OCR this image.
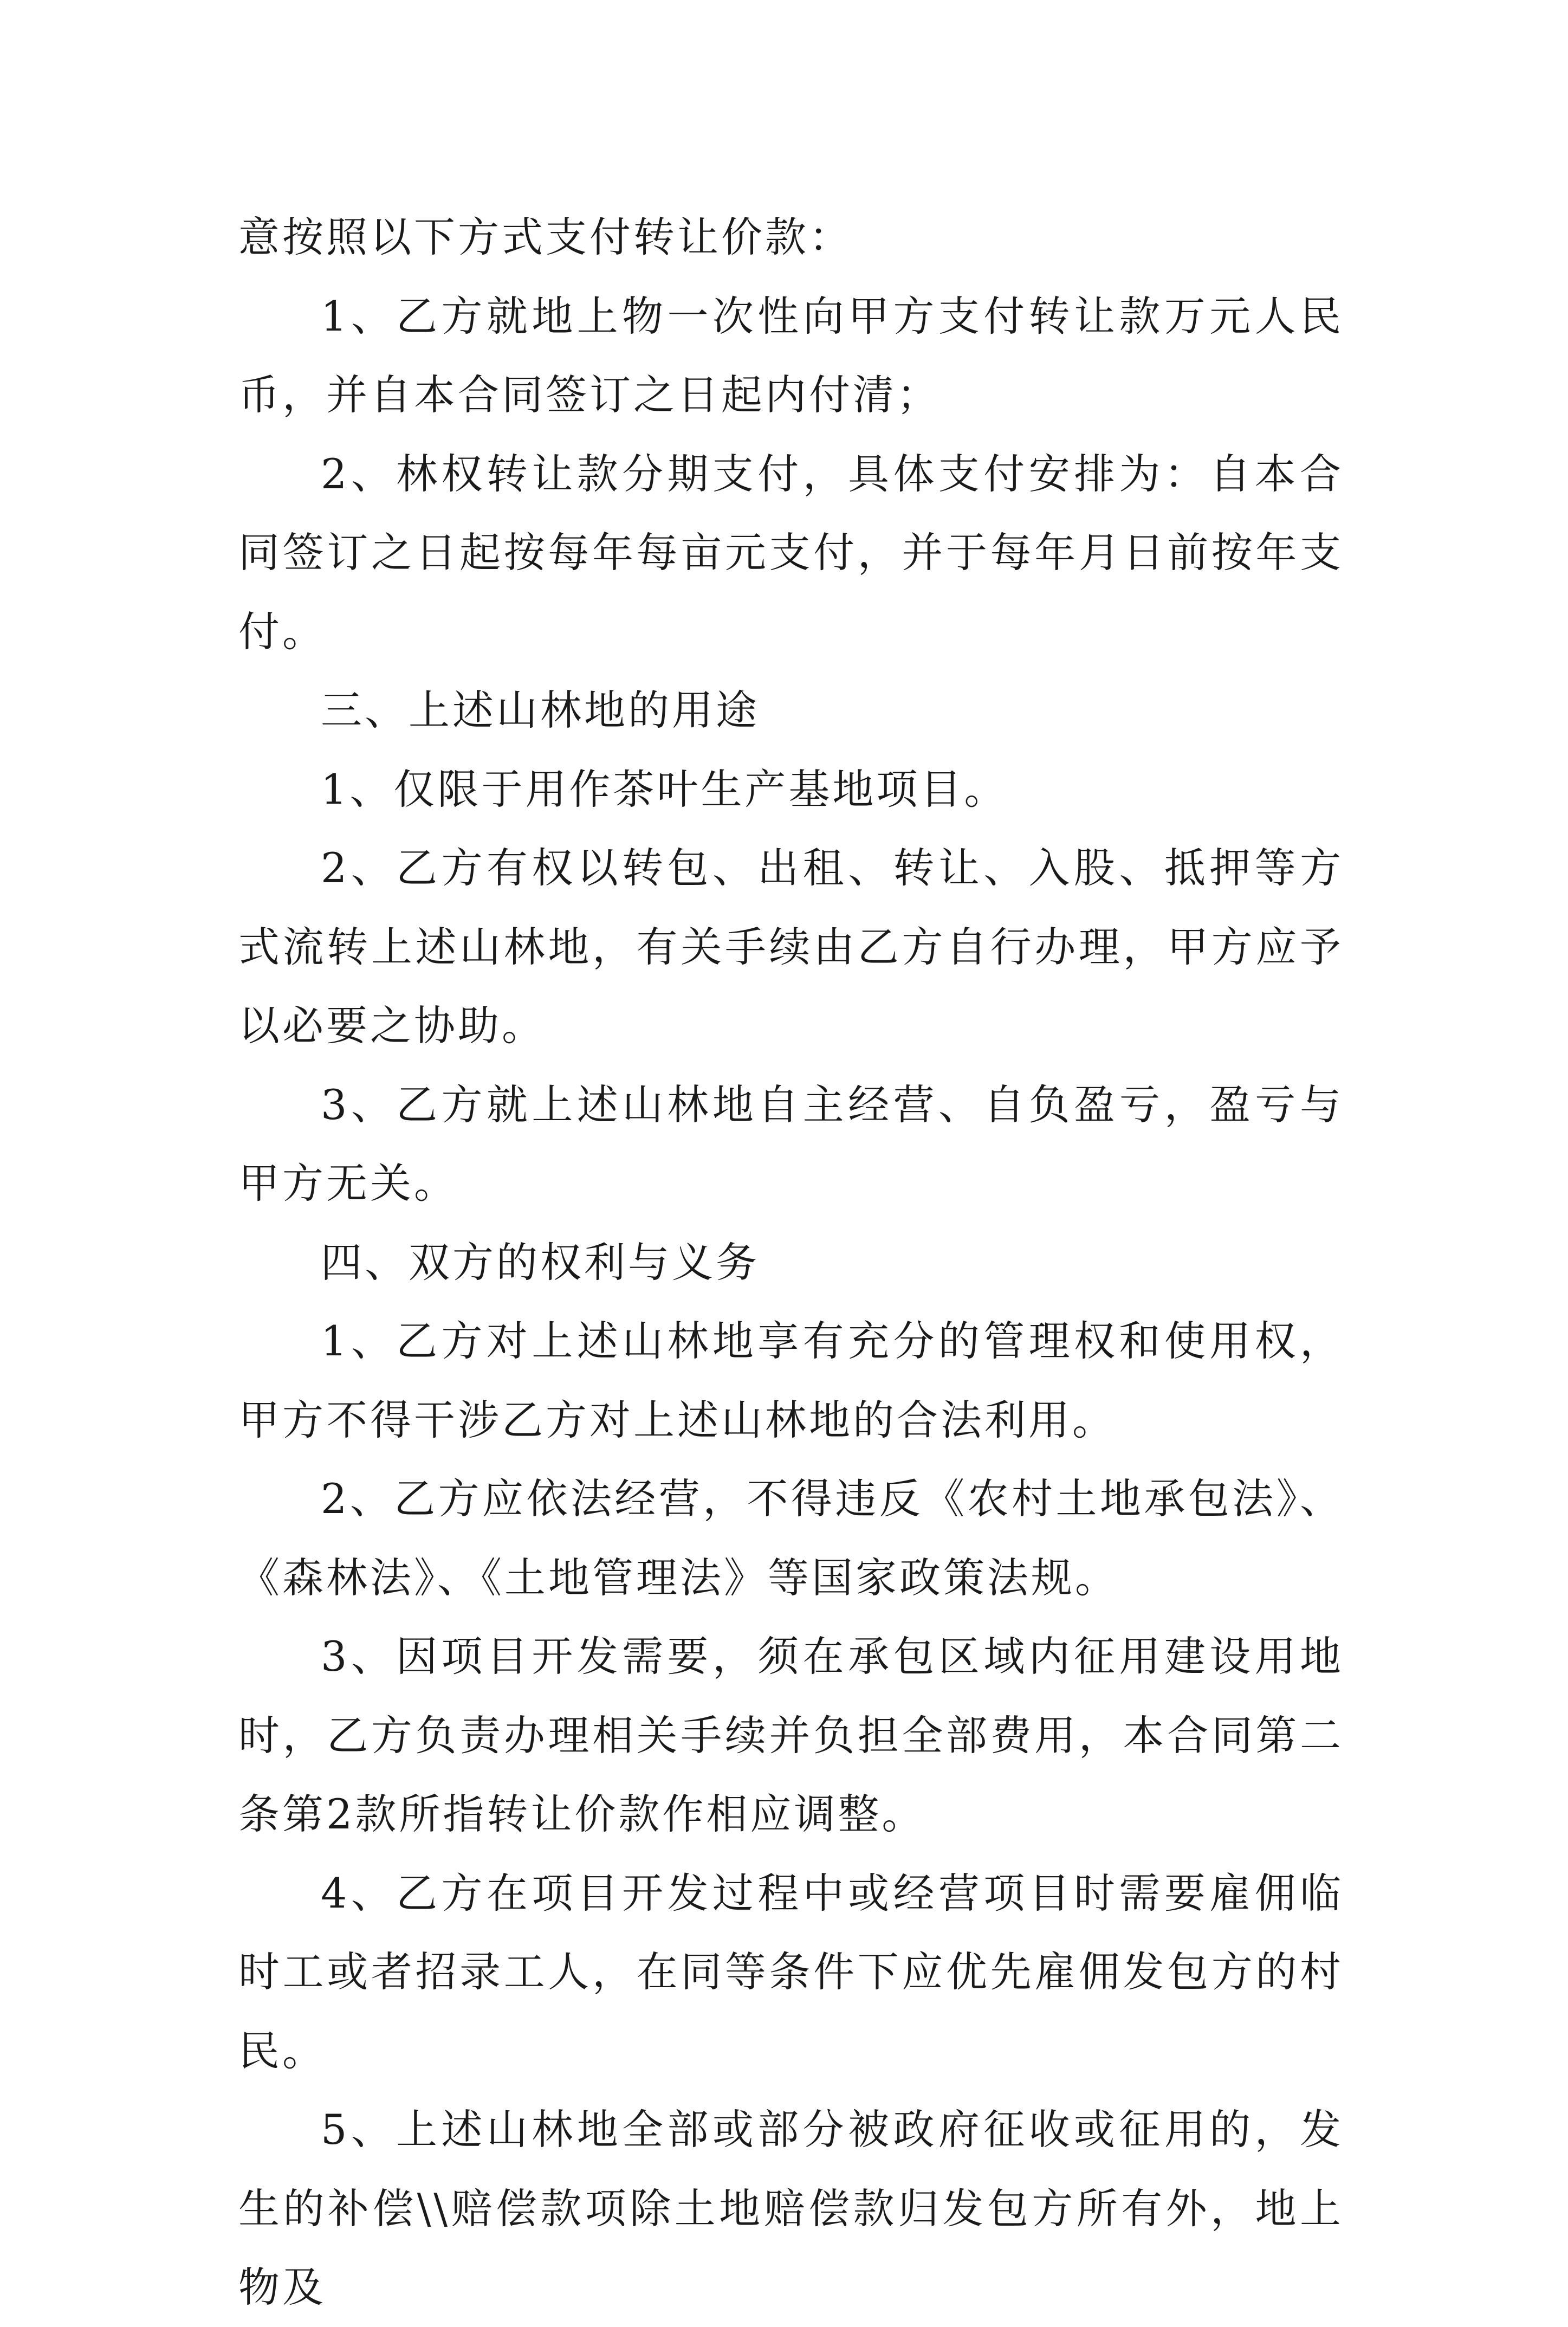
意按照以下方式支付转让价款：

1、乙方就地上物一次性向甲方支付转让款万元人民币，并自本合同签订之日起内付清；

2、林权转让款分期支付，具体支付安排为：自本合同签订之日起按每年每亩元支付，并于每年月日前按年支付。

三、上述山林地的用途

1、仅限于用作茶叶生产基地项目。

2、乙方有权以转包、出租、转让、入股、抵押等方式流转上述山林地，有关手续由乙方自行办理，甲方应予以必要之协助。

3、乙方就上述山林地自主经营、自负盈亏，盈亏与甲方无关。

四、双方的权利与义务

1、乙方对上述山林地享有充分的管理权和使用权，甲方不得干涉乙方对上述山林地的合法利用。

2、乙方应依法经营，不得违反《农村土地承包法》、《森林法》、《土地管理法》等国家政策法规。

3、因项目开发需要，须在承包区域内征用建设用地时，乙方负责办理相关手续并负担全部费用，本合同第二条第2款所指转让价款作相应调整。

4、乙方在项目开发过程中或经营项目时需要雇佣临时工或者招录工人，在同等条件下应优先雇佣发包方的村民。

5、上述山林地全部或部分被政府征收或征用的，发生的补偿\\赔偿款项除土地赔偿款归发包方所有外，地上物及
